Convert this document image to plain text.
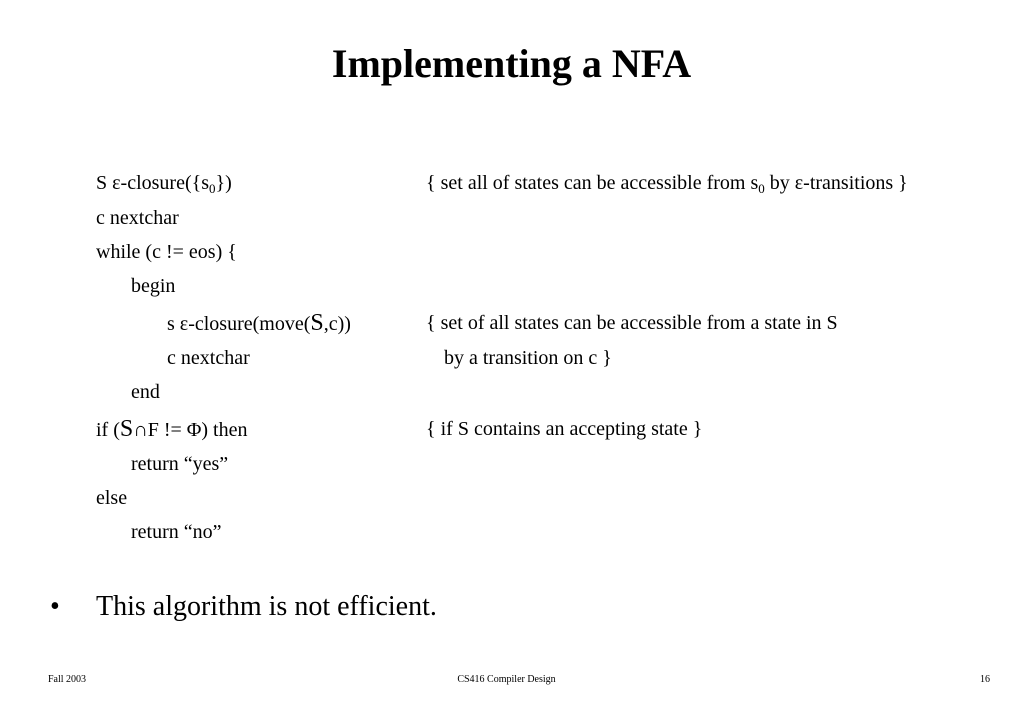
Implementing a NFA
S $\varepsilon-closure(\{s_0\})$	{ set all of states can be accessible from $s_0$ by ε-transitions }
c nextchar
while (c != eos) {
begin
s ε-closure(move(S,c))	{ set of all states can be accessible from a state in S
c nextchar	by a transition on c }
end
if (S∩F != Φ) then	{ if S contains an accepting state }
return “yes”
else
return “no”
• This algorithm is not efficient.
Fall 2003	CS416 Compiler Design	16
